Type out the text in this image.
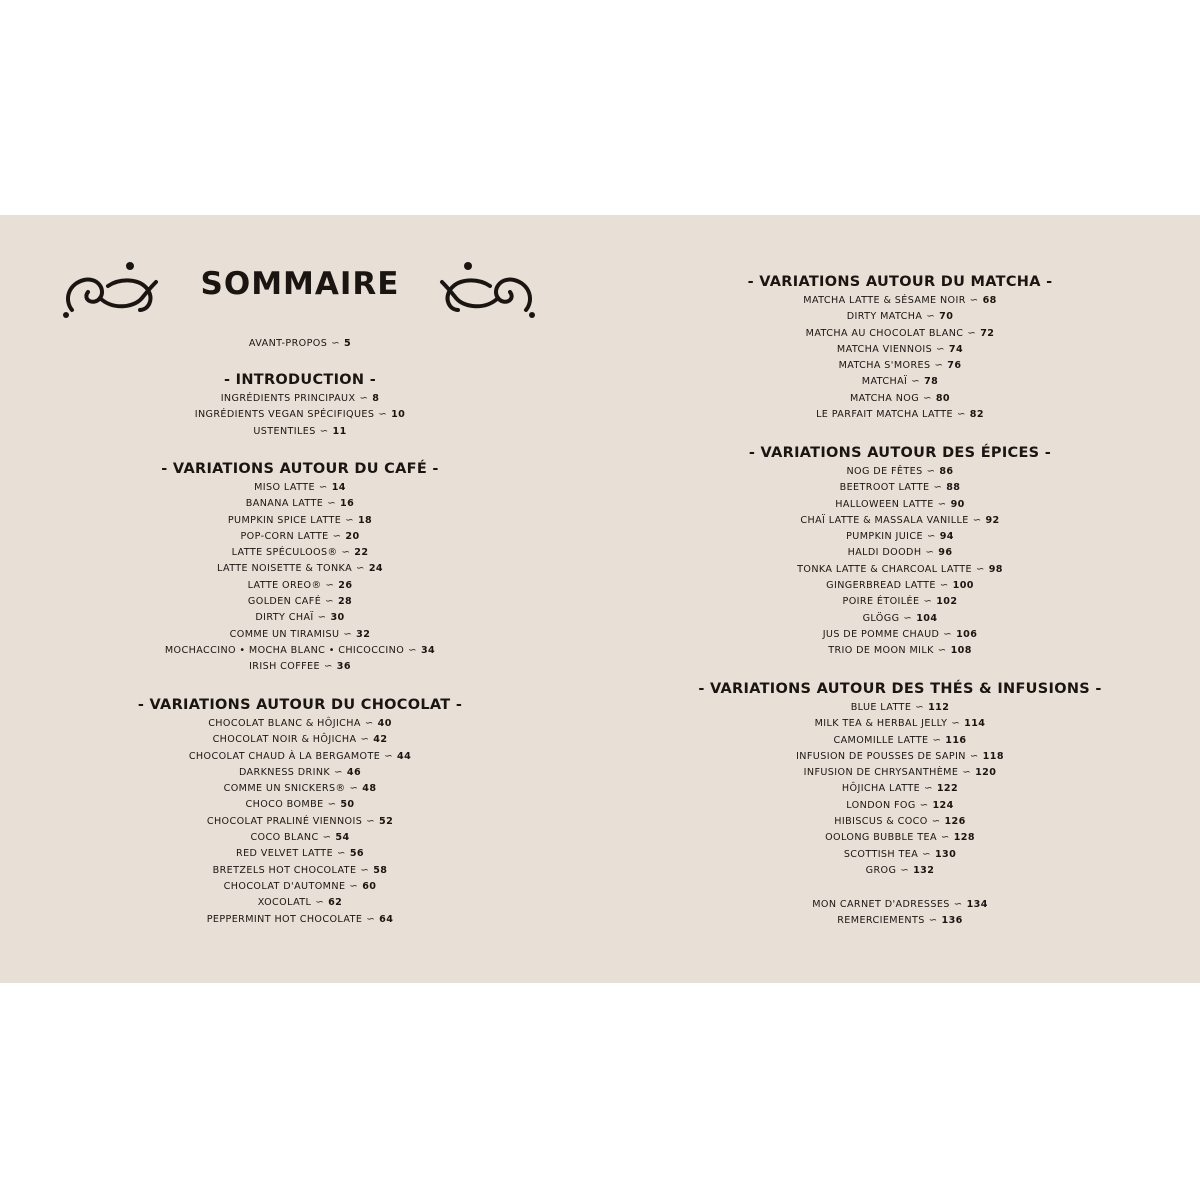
SOMMAIRE
AVANT-PROPOS ∽ 5
- INTRODUCTION -
INGRÉDIENTS PRINCIPAUX ∽ 8
INGRÉDIENTS VEGAN SPÉCIFIQUES ∽ 10
USTENTILES ∽ 11
- VARIATIONS AUTOUR DU CAFÉ -
MISO LATTE ∽ 14
BANANA LATTE ∽ 16
PUMPKIN SPICE LATTE ∽ 18
POP-CORN LATTE ∽ 20
LATTE SPÉCULOOS® ∽ 22
LATTE NOISETTE & TONKA ∽ 24
LATTE OREO® ∽ 26
GOLDEN CAFÉ ∽ 28
DIRTY CHAÏ ∽ 30
COMME UN TIRAMISU ∽ 32
MOCHACCINO • MOCHA BLANC • CHICOCCINO ∽ 34
IRISH COFFEE ∽ 36
- VARIATIONS AUTOUR DU CHOCOLAT -
CHOCOLAT BLANC & HÔJICHA ∽ 40
CHOCOLAT NOIR & HÔJICHA ∽ 42
CHOCOLAT CHAUD À LA BERGAMOTE ∽ 44
DARKNESS DRINK ∽ 46
COMME UN SNICKERS® ∽ 48
CHOCO BOMBE ∽ 50
CHOCOLAT PRALINÉ VIENNOIS ∽ 52
COCO BLANC ∽ 54
RED VELVET LATTE ∽ 56
BRETZELS HOT CHOCOLATE ∽ 58
CHOCOLAT D'AUTOMNE ∽ 60
XOCOLATL ∽ 62
PEPPERMINT HOT CHOCOLATE ∽ 64
- VARIATIONS AUTOUR DU MATCHA -
MATCHA LATTE & SÉSAME NOIR ∽ 68
DIRTY MATCHA ∽ 70
MATCHA AU CHOCOLAT BLANC ∽ 72
MATCHA VIENNOIS ∽ 74
MATCHA S'MORES ∽ 76
MATCHAÏ ∽ 78
MATCHA NOG ∽ 80
LE PARFAIT MATCHA LATTE ∽ 82
- VARIATIONS AUTOUR DES ÉPICES -
NOG DE FÊTES ∽ 86
BEETROOT LATTE ∽ 88
HALLOWEEN LATTE ∽ 90
CHAÏ LATTE & MASSALA VANILLE ∽ 92
PUMPKIN JUICE ∽ 94
HALDI DOODH ∽ 96
TONKA LATTE & CHARCOAL LATTE ∽ 98
GINGERBREAD LATTE ∽ 100
POIRE ÉTOILÉE ∽ 102
GLÖGG ∽ 104
JUS DE POMME CHAUD ∽ 106
TRIO DE MOON MILK ∽ 108
- VARIATIONS AUTOUR DES THÉS & INFUSIONS -
BLUE LATTE ∽ 112
MILK TEA & HERBAL JELLY ∽ 114
CAMOMILLE LATTE ∽ 116
INFUSION DE POUSSES DE SAPIN ∽ 118
INFUSION DE CHRYSANTHÈME ∽ 120
HÔJICHA LATTE ∽ 122
LONDON FOG ∽ 124
HIBISCUS & COCO ∽ 126
OOLONG BUBBLE TEA ∽ 128
SCOTTISH TEA ∽ 130
GROG ∽ 132
MON CARNET D'ADRESSES ∽ 134
REMERCIEMENTS ∽ 136
